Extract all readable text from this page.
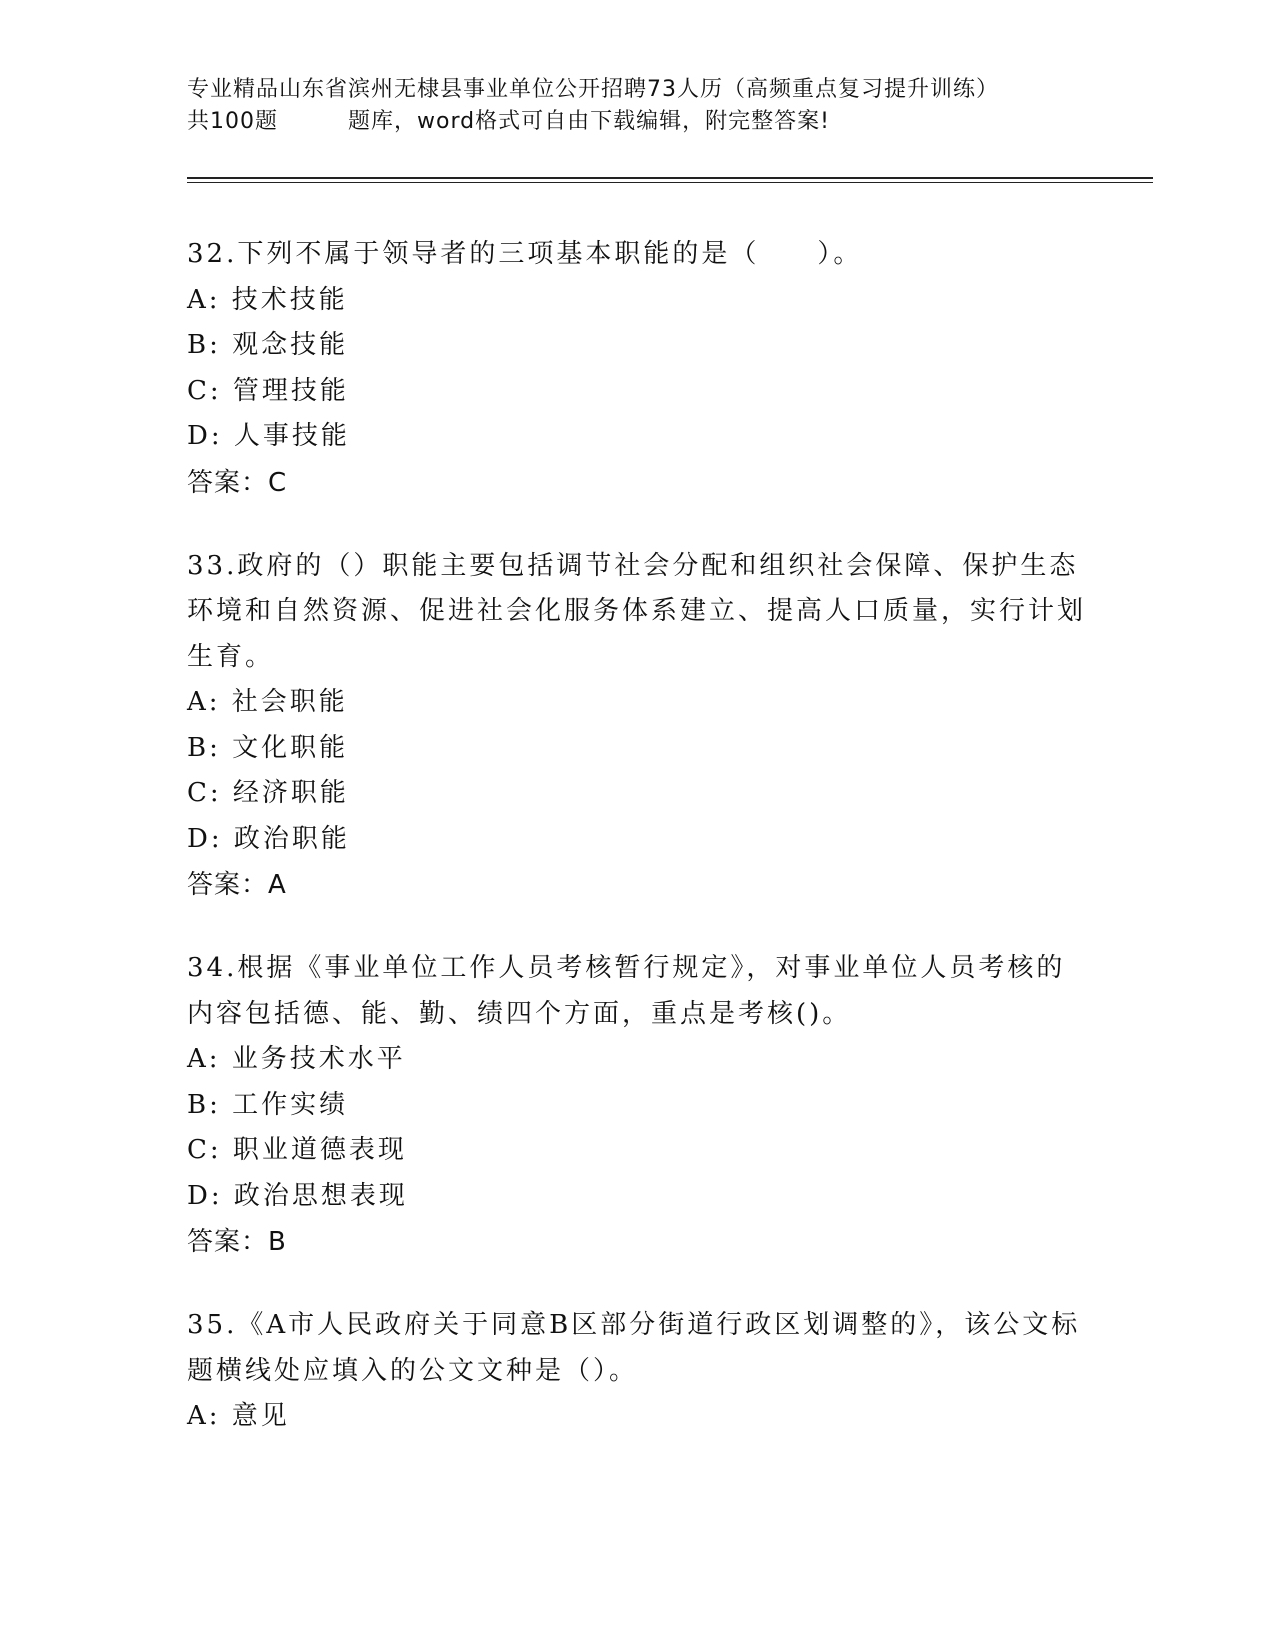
专业精品山东省滨州无棣县事业单位公开招聘73人历（高频重点复习提升训练）
共100题	题库，word格式可自由下载编辑，附完整答案!
32.下列不属于领导者的三项基本职能的是（　　）。
A: 技术技能
B: 观念技能
C: 管理技能
D: 人事技能
答案：C
33.政府的（）职能主要包括调节社会分配和组织社会保障、保护生态环境和自然资源、促进社会化服务体系建立、提高人口质量，实行计划生育。
A: 社会职能
B: 文化职能
C: 经济职能
D: 政治职能
答案：A
34.根据《事业单位工作人员考核暂行规定》，对事业单位人员考核的内容包括德、能、勤、绩四个方面，重点是考核()。
A: 业务技术水平
B: 工作实绩
C: 职业道德表现
D: 政治思想表现
答案：B
35.《A市人民政府关于同意B区部分街道行政区划调整的》，该公文标题横线处应填入的公文文种是（）。
A: 意见
